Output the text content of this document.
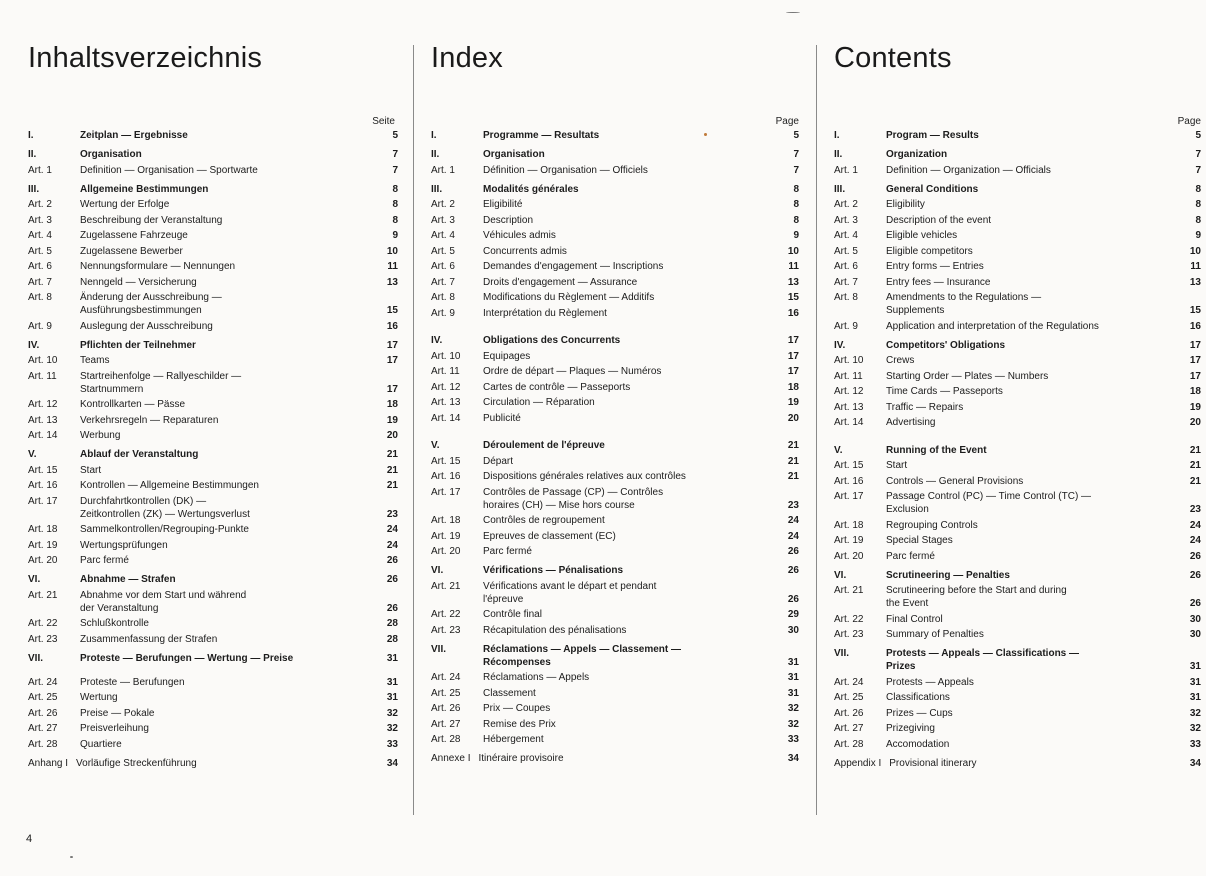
Inhaltsverzeichnis
Seite
I.	Zeitplan — Ergebnisse	5
II.	Organisation	7
Art. 1	Definition — Organisation — Sportwarte	7
III.	Allgemeine Bestimmungen	8
Art. 2	Wertung der Erfolge	8
Art. 3	Beschreibung der Veranstaltung	8
Art. 4	Zugelassene Fahrzeuge	9
Art. 5	Zugelassene Bewerber	10
Art. 6	Nennungsformulare — Nennungen	11
Art. 7	Nenngeld — Versicherung	13
Art. 8	Änderung der Ausschreibung —
Ausführungsbestimmungen	15
Art. 9	Auslegung der Ausschreibung	16
IV.	Pflichten der Teilnehmer	17
Art. 10	Teams	17
Art. 11	Startreihenfolge — Rallyeschilder —
Startnummern	17
Art. 12	Kontrollkarten — Pässe	18
Art. 13	Verkehrsregeln — Reparaturen	19
Art. 14	Werbung	20
V.	Ablauf der Veranstaltung	21
Art. 15	Start	21
Art. 16	Kontrollen — Allgemeine Bestimmungen	21
Art. 17	Durchfahrtkontrollen (DK) —
Zeitkontrollen (ZK) — Wertungsverlust	23
Art. 18	Sammelkontrollen/Regrouping-Punkte	24
Art. 19	Wertungsprüfungen	24
Art. 20	Parc fermé	26
VI.	Abnahme — Strafen	26
Art. 21	Abnahme vor dem Start und während
der Veranstaltung	26
Art. 22	Schlußkontrolle	28
Art. 23	Zusammenfassung der Strafen	28
VII.	Proteste — Berufungen — Wertung — Preise	31
Art. 24	Proteste — Berufungen	31
Art. 25	Wertung	31
Art. 26	Preise — Pokale	32
Art. 27	Preisverleihung	32
Art. 28	Quartiere	33
Anhang I Vorläufige Streckenführung	34
Index
Page
I.	Programme — Resultats	5
II.	Organisation	7
Art. 1	Définition — Organisation — Officiels	7
III.	Modalités générales	8
Art. 2	Eligibilité	8
Art. 3	Description	8
Art. 4	Véhicules admis	9
Art. 5	Concurrents admis	10
Art. 6	Demandes d'engagement — Inscriptions	11
Art. 7	Droits d'engagement — Assurance	13
Art. 8	Modifications du Règlement — Additifs	15
Art. 9	Interprétation du Règlement	16
IV.	Obligations des Concurrents	17
Art. 10	Equipages	17
Art. 11	Ordre de départ — Plaques — Numéros	17
Art. 12	Cartes de contrôle — Passeports	18
Art. 13	Circulation — Réparation	19
Art. 14	Publicité	20
V.	Déroulement de l'épreuve	21
Art. 15	Départ	21
Art. 16	Dispositions générales relatives aux contrôles	21
Art. 17	Contrôles de Passage (CP) — Contrôles
horaires (CH) — Mise hors course	23
Art. 18	Contrôles de regroupement	24
Art. 19	Epreuves de classement (EC)	24
Art. 20	Parc fermé	26
VI.	Vérifications — Pénalisations	26
Art. 21	Vérifications avant le départ et pendant
l'épreuve	26
Art. 22	Contrôle final	29
Art. 23	Récapitulation des pénalisations	30
VII.	Réclamations — Appels — Classement —
Récompenses	31
Art. 24	Réclamations — Appels	31
Art. 25	Classement	31
Art. 26	Prix — Coupes	32
Art. 27	Remise des Prix	32
Art. 28	Hébergement	33
Annexe I Itinéraire provisoire	34
Contents
Page
I.	Program — Results	5
II.	Organization	7
Art. 1	Definition — Organization — Officials	7
III.	General Conditions	8
Art. 2	Eligibility	8
Art. 3	Description of the event	8
Art. 4	Eligible vehicles	9
Art. 5	Eligible competitors	10
Art. 6	Entry forms — Entries	11
Art. 7	Entry fees — Insurance	13
Art. 8	Amendments to the Regulations —
Supplements	15
Art. 9	Application and interpretation of the Regulations	16
IV.	Competitors' Obligations	17
Art. 10	Crews	17
Art. 11	Starting Order — Plates — Numbers	17
Art. 12	Time Cards — Passeports	18
Art. 13	Traffic — Repairs	19
Art. 14	Advertising	20
V.	Running of the Event	21
Art. 15	Start	21
Art. 16	Controls — General Provisions	21
Art. 17	Passage Control (PC) — Time Control (TC) —
Exclusion	23
Art. 18	Regrouping Controls	24
Art. 19	Special Stages	24
Art. 20	Parc fermé	26
VI.	Scrutineering — Penalties	26
Art. 21	Scrutineering before the Start and during
the Event	26
Art. 22	Final Control	30
Art. 23	Summary of Penalties	30
VII.	Protests — Appeals — Classifications —
Prizes	31
Art. 24	Protests — Appeals	31
Art. 25	Classifications	31
Art. 26	Prizes — Cups	32
Art. 27	Prizegiving	32
Art. 28	Accomodation	33
Appendix I Provisional itinerary	34
4
